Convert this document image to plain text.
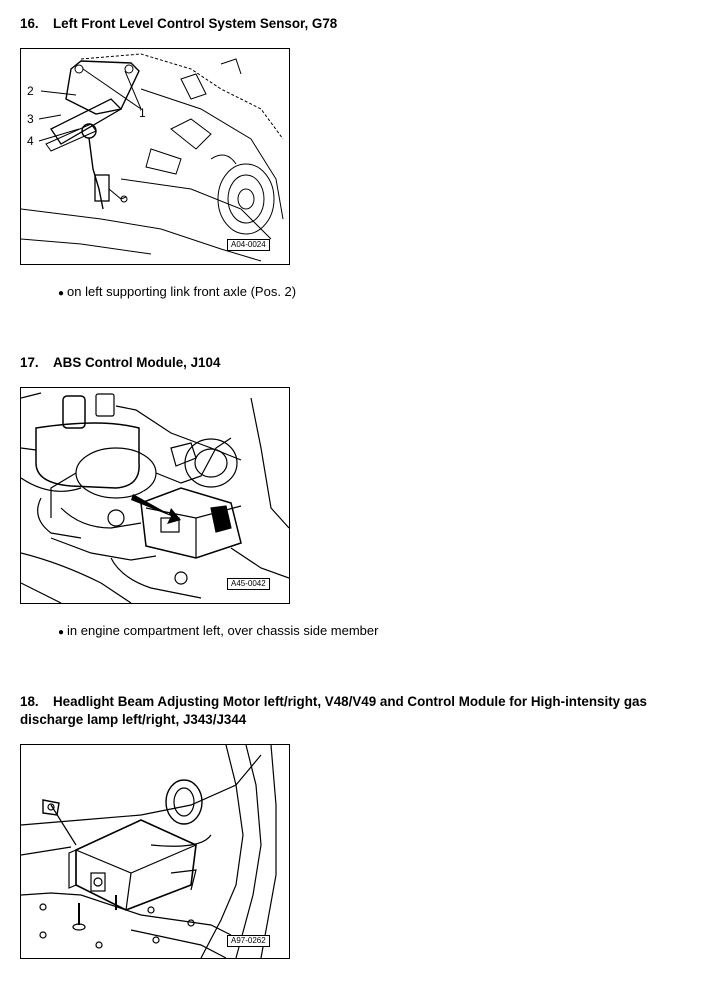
16. Left Front Level Control System Sensor, G78
2
3
4
1
A04-0024
● on left supporting link front axle (Pos. 2)
17. ABS Control Module, J104
A45-0042
● in engine compartment left, over chassis side member
18. Headlight Beam Adjusting Motor left/right, V48/V49 and Control Module for High-intensity gas
discharge lamp left/right, J343/J344
A97-0262
